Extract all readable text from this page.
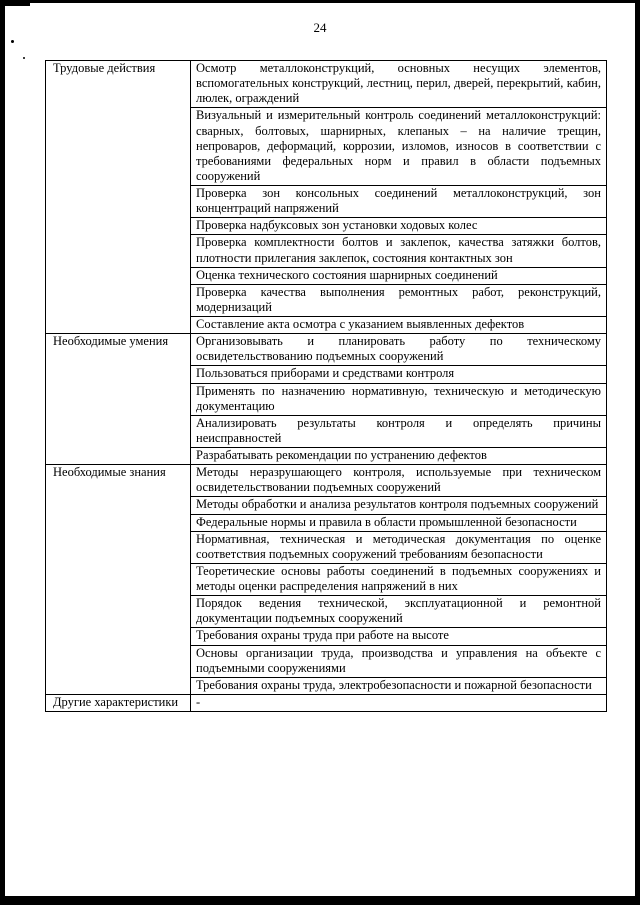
24
Трудовые действия	Осмотр металлоконструкций, основных несущих элементов, вспомогательных конструкций, лестниц, перил, дверей, перекрытий, кабин, люлек, ограждений
	Визуальный и измерительный контроль соединений металлоконструкций: сварных, болтовых, шарнирных, клепаных – на наличие трещин, непроваров, деформаций, коррозии, изломов, износов в соответствии с требованиями федеральных норм и правил в области подъемных сооружений
	Проверка зон консольных соединений металлоконструкций, зон концентраций напряжений
	Проверка надбуксовых зон установки ходовых колес
	Проверка комплектности болтов и заклепок, качества затяжки болтов, плотности прилегания заклепок, состояния контактных зон
	Оценка технического состояния шарнирных соединений
	Проверка качества выполнения ремонтных работ, реконструкций, модернизаций
	Составление акта осмотра с указанием выявленных дефектов
Необходимые умения	Организовывать и планировать работу по техническому освидетельствованию подъемных сооружений
	Пользоваться приборами и средствами контроля
	Применять по назначению нормативную, техническую и методическую документацию
	Анализировать результаты контроля и определять причины неисправностей
	Разрабатывать рекомендации по устранению дефектов
Необходимые знания	Методы неразрушающего контроля, используемые при техническом освидетельствовании подъемных сооружений
	Методы обработки и анализа результатов контроля подъемных сооружений
	Федеральные нормы и правила в области промышленной безопасности
	Нормативная, техническая и методическая документация по оценке соответствия подъемных сооружений требованиям безопасности
	Теоретические основы работы соединений в подъемных сооружениях и методы оценки распределения напряжений в них
	Порядок ведения технической, эксплуатационной и ремонтной документации подъемных сооружений
	Требования охраны труда при работе на высоте
	Основы организации труда, производства и управления на объекте с подъемными сооружениями
	Требования охраны труда, электробезопасности и пожарной безопасности
Другие характеристики	-
